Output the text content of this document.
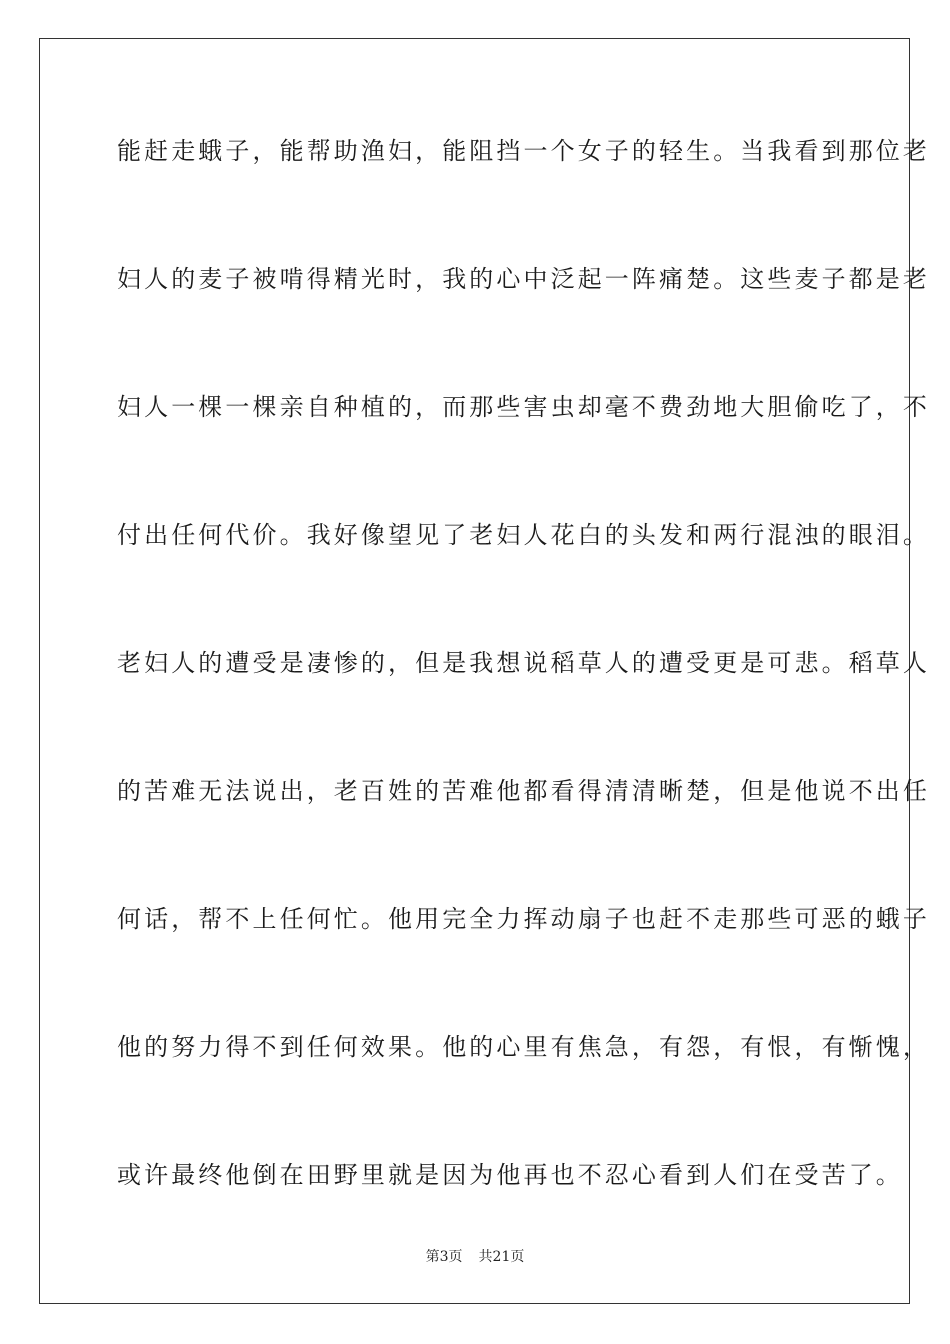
能赶走蛾子，能帮助渔妇，能阻挡一个女子的轻生。当我看到那位老
妇人的麦子被啃得精光时，我的心中泛起一阵痛楚。这些麦子都是老
妇人一棵一棵亲自种植的，而那些害虫却毫不费劲地大胆偷吃了，不
付出任何代价。我好像望见了老妇人花白的头发和两行混浊的眼泪。
老妇人的遭受是凄惨的，但是我想说稻草人的遭受更是可悲。稻草人
的苦难无法说出，老百姓的苦难他都看得清清晰楚，但是他说不出任
何话，帮不上任何忙。他用完全力挥动扇子也赶不走那些可恶的蛾子
他的努力得不到任何效果。他的心里有焦急，有怨，有恨，有惭愧，
或许最终他倒在田野里就是因为他再也不忍心看到人们在受苦了。
第3页 共21页
